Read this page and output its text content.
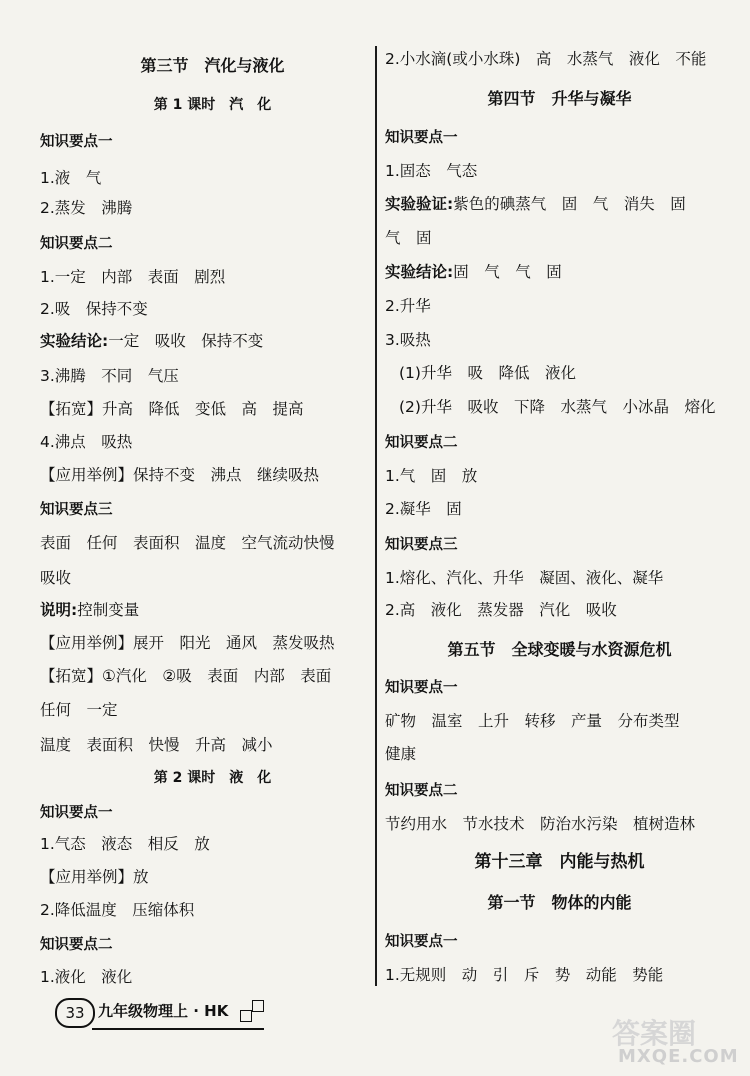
第三节　汽化与液化
第 1 课时　汽　化
知识要点一
1.液　气
2.蒸发　沸腾
知识要点二
1.一定　内部　表面　剧烈
2.吸　保持不变
实验结论:一定　吸收　保持不变
3.沸腾　不同　气压
【拓宽】升高　降低　变低　高　提高
4.沸点　吸热
【应用举例】保持不变　沸点　继续吸热
知识要点三
表面　任何　表面积　温度　空气流动快慢
吸收
说明:控制变量
【应用举例】展开　阳光　通风　蒸发吸热
【拓宽】①汽化　②吸　表面　内部　表面
任何　一定
温度　表面积　快慢　升高　减小
第 2 课时　液　化
知识要点一
1.气态　液态　相反　放
【应用举例】放
2.降低温度　压缩体积
知识要点二
1.液化　液化
2.小水滴(或小水珠)　高　水蒸气　液化　不能
第四节　升华与凝华
知识要点一
1.固态　气态
实验验证:紫色的碘蒸气　固　气　消失　固
气　固
实验结论:固　气　气　固
2.升华
3.吸热
(1)升华　吸　降低　液化
(2)升华　吸收　下降　水蒸气　小冰晶　熔化
知识要点二
1.气　固　放
2.凝华　固
知识要点三
1.熔化、汽化、升华　凝固、液化、凝华
2.高　液化　蒸发器　汽化　吸收
第五节　全球变暖与水资源危机
知识要点一
矿物　温室　上升　转移　产量　分布类型
健康
知识要点二
节约用水　节水技术　防治水污染　植树造林
第十三章　内能与热机
第一节　物体的内能
知识要点一
1.无规则　动　引　斥　势　动能　势能
33 九年级物理上 · HK
答案圈
MXQE.COM
